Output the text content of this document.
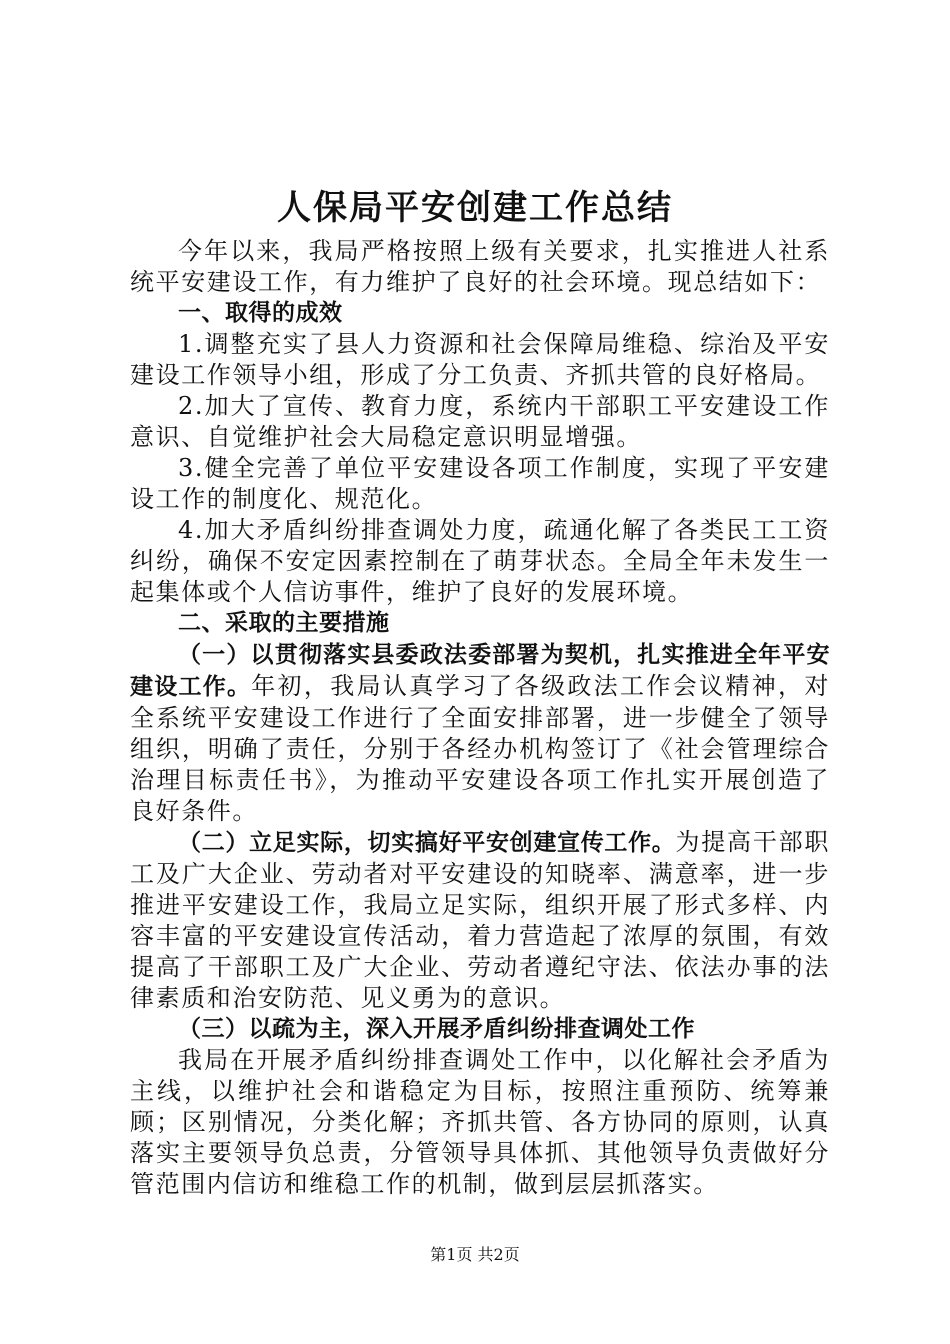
人保局平安创建工作总结

今年以来，我局严格按照上级有关要求，扎实推进人社系统平安建设工作，有力维护了良好的社会环境。现总结如下：

一、取得的成效

1.调整充实了县人力资源和社会保障局维稳、综治及平安建设工作领导小组，形成了分工负责、齐抓共管的良好格局。

2.加大了宣传、教育力度，系统内干部职工平安建设工作意识、自觉维护社会大局稳定意识明显增强。

3.健全完善了单位平安建设各项工作制度，实现了平安建设工作的制度化、规范化。

4.加大矛盾纠纷排查调处力度，疏通化解了各类民工工资纠纷，确保不安定因素控制在了萌芽状态。全局全年未发生一起集体或个人信访事件，维护了良好的发展环境。

二、采取的主要措施

（一）以贯彻落实县委政法委部署为契机，扎实推进全年平安建设工作。年初，我局认真学习了各级政法工作会议精神，对全系统平安建设工作进行了全面安排部署，进一步健全了领导组织，明确了责任，分别于各经办机构签订了《社会管理综合治理目标责任书》，为推动平安建设各项工作扎实开展创造了良好条件。

（二）立足实际，切实搞好平安创建宣传工作。为提高干部职工及广大企业、劳动者对平安建设的知晓率、满意率，进一步推进平安建设工作，我局立足实际，组织开展了形式多样、内容丰富的平安建设宣传活动，着力营造起了浓厚的氛围，有效提高了干部职工及广大企业、劳动者遵纪守法、依法办事的法律素质和治安防范、见义勇为的意识。

（三）以疏为主，深入开展矛盾纠纷排查调处工作

我局在开展矛盾纠纷排查调处工作中，以化解社会矛盾为主线，以维护社会和谐稳定为目标，按照注重预防、统筹兼顾；区别情况，分类化解；齐抓共管、各方协同的原则，认真落实主要领导负总责，分管领导具体抓、其他领导负责做好分管范围内信访和维稳工作的机制，做到层层抓落实。

第1页 共2页
